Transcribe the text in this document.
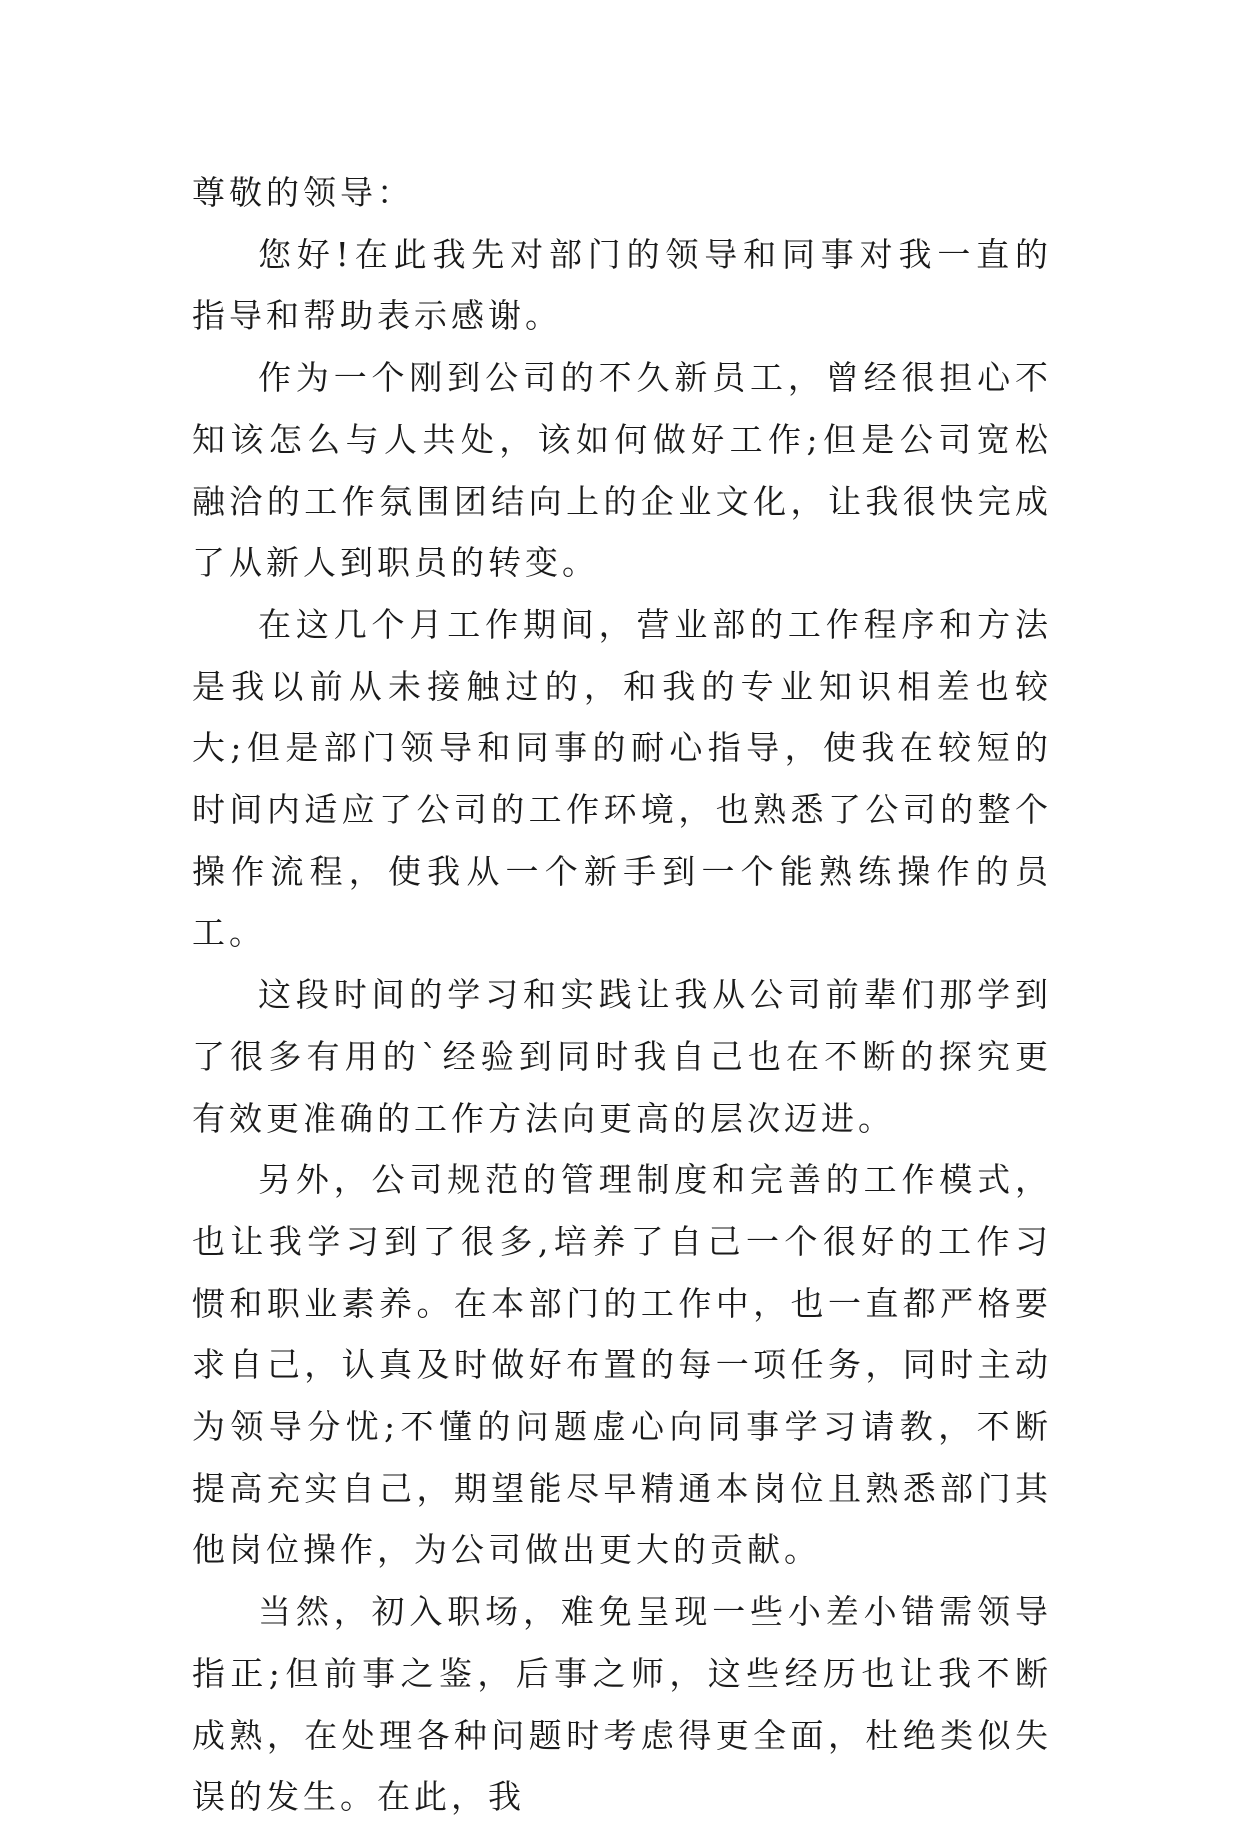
尊敬的领导：

您好!在此我先对部门的领导和同事对我一直的指导和帮助表示感谢。

作为一个刚到公司的不久新员工，曾经很担心不知该怎么与人共处，该如何做好工作;但是公司宽松融洽的工作氛围团结向上的企业文化，让我很快完成了从新人到职员的转变。

在这几个月工作期间，营业部的工作程序和方法是我以前从未接触过的，和我的专业知识相差也较大;但是部门领导和同事的耐心指导，使我在较短的时间内适应了公司的工作环境，也熟悉了公司的整个操作流程，使我从一个新手到一个能熟练操作的员工。

这段时间的学习和实践让我从公司前辈们那学到了很多有用的`经验到同时我自己也在不断的探究更有效更准确的工作方法向更高的层次迈进。

另外，公司规范的管理制度和完善的工作模式，也让我学习到了很多,培养了自己一个很好的工作习惯和职业素养。在本部门的工作中，也一直都严格要求自己，认真及时做好布置的每一项任务，同时主动为领导分忧;不懂的问题虚心向同事学习请教，不断提高充实自己，期望能尽早精通本岗位且熟悉部门其他岗位操作，为公司做出更大的贡献。

当然，初入职场，难免呈现一些小差小错需领导指正;但前事之鉴，后事之师，这些经历也让我不断成熟，在处理各种问题时考虑得更全面，杜绝类似失误的发生。在此，我
